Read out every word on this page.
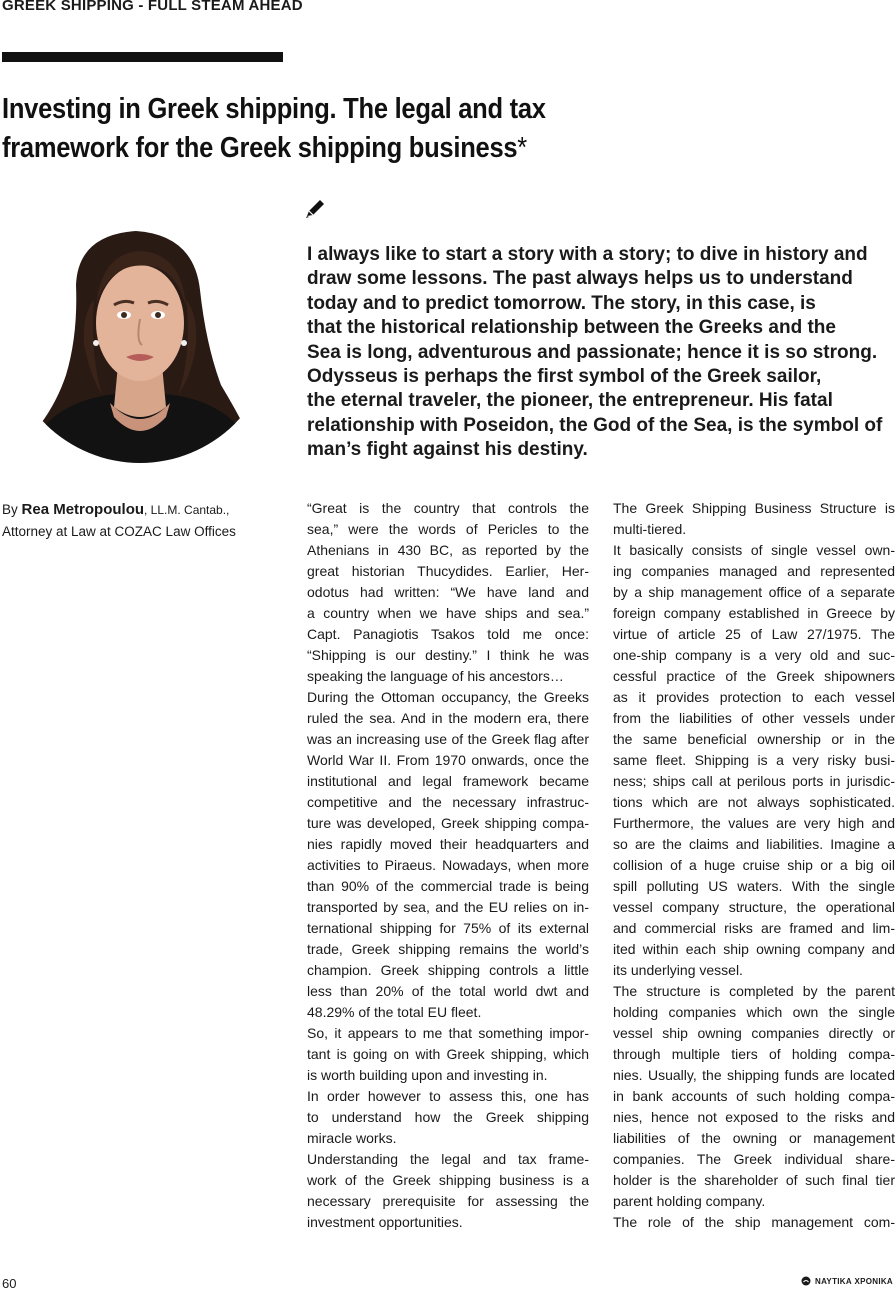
GREEK SHIPPING - FULL STEAM AHEAD
Investing in Greek shipping. The legal and tax
framework for the Greek shipping business*
I always like to start a story with a story; to dive in history and
draw some lessons. The past always helps us to understand
today and to predict tomorrow. The story, in this case, is
that the historical relationship between the Greeks and the
Sea is long, adventurous and passionate; hence it is so strong.
Odysseus is perhaps the first symbol of the Greek sailor,
the eternal traveler, the pioneer, the entrepreneur. His fatal
relationship with Poseidon, the God of the Sea, is the symbol of
man’s fight against his destiny.
By Rea Metropoulou, LL.M. Cantab.,
Attorney at Law at COZAC Law Offices
“Great is the country that controls the
sea,” were the words of Pericles to the
Athenians in 430 BC, as reported by the
great historian Thucydides. Earlier, Her-
odotus had written: “We have land and
a country when we have ships and sea.”
Capt. Panagiotis Tsakos told me once:
“Shipping is our destiny.” I think he was
speaking the language of his ancestors…
During the Ottoman occupancy, the Greeks
ruled the sea. And in the modern era, there
was an increasing use of the Greek flag after
World War II. From 1970 onwards, once the
institutional and legal framework became
competitive and the necessary infrastruc-
ture was developed, Greek shipping compa-
nies rapidly moved their headquarters and
activities to Piraeus. Nowadays, when more
than 90% of the commercial trade is being
transported by sea, and the EU relies on in-
ternational shipping for 75% of its external
trade, Greek shipping remains the world’s
champion. Greek shipping controls a little
less than 20% of the total world dwt and
48.29% of the total EU fleet.
So, it appears to me that something impor-
tant is going on with Greek shipping, which
is worth building upon and investing in.
In order however to assess this, one has
to understand how the Greek shipping
miracle works.
Understanding the legal and tax frame-
work of the Greek shipping business is a
necessary prerequisite for assessing the
investment opportunities.
The Greek Shipping Business Structure is
multi-tiered.
It basically consists of single vessel own-
ing companies managed and represented
by a ship management office of a separate
foreign company established in Greece by
virtue of article 25 of Law 27/1975. The
one-ship company is a very old and suc-
cessful practice of the Greek shipowners
as it provides protection to each vessel
from the liabilities of other vessels under
the same beneficial ownership or in the
same fleet. Shipping is a very risky busi-
ness; ships call at perilous ports in jurisdic-
tions which are not always sophisticated.
Furthermore, the values are very high and
so are the claims and liabilities. Imagine a
collision of a huge cruise ship or a big oil
spill polluting US waters. With the single
vessel company structure, the operational
and commercial risks are framed and lim-
ited within each ship owning company and
its underlying vessel.
The structure is completed by the parent
holding companies which own the single
vessel ship owning companies directly or
through multiple tiers of holding compa-
nies. Usually, the shipping funds are located
in bank accounts of such holding compa-
nies, hence not exposed to the risks and
liabilities of the owning or management
companies. The Greek individual share-
holder is the shareholder of such final tier
parent holding company.
The role of the ship management com-
60	ΝΑΥΤΙΚΑ ΧΡΟΝΙΚΑ
